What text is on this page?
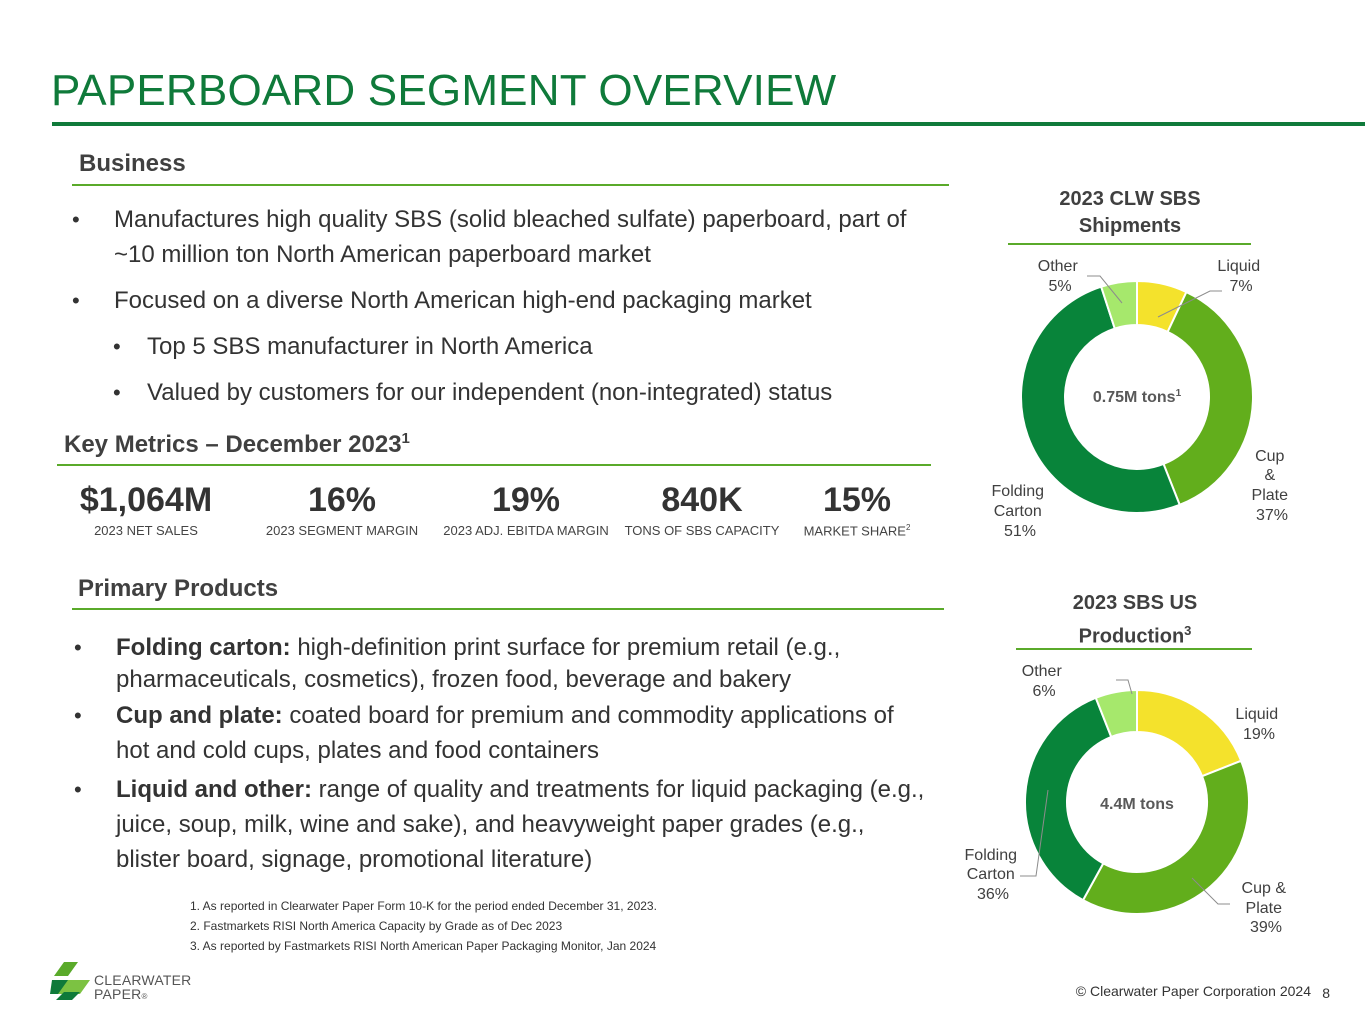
PAPERBOARD SEGMENT OVERVIEW
Business
• Manufactures high quality SBS (solid bleached sulfate) paperboard, part of ~10 million ton North American paperboard market
• Focused on a diverse North American high-end packaging market
• Top 5 SBS manufacturer in North America
• Valued by customers for our independent (non-integrated) status
Key Metrics – December 2023$^1$
$1,064M
2023 NET SALES
16%
2023 SEGMENT MARGIN
19%
2023 ADJ. EBITDA MARGIN
840K
TONS OF SBS CAPACITY
15%
MARKET SHARE$^2$
Primary Products
• Folding carton: high-definition print surface for premium retail (e.g., pharmaceuticals, cosmetics), frozen food, beverage and bakery
• Cup and plate: coated board for premium and commodity applications of hot and cold cups, plates and food containers
• Liquid and other: range of quality and treatments for liquid packaging (e.g., juice, soup, milk, wine and sake), and heavyweight paper grades (e.g., blister board, signage, promotional literature)
1. As reported in Clearwater Paper Form 10-K for the period ended December 31, 2023.
2. Fastmarkets RISI North America Capacity by Grade as of Dec 2023
3. As reported by Fastmarkets RISI North American Paper Packaging Monitor, Jan 2024
2023 CLW SBS
Shipments
0.75M tons$^1$
Liquid 7%
Cup & Plate 37%
Folding Carton 51%
Other 5%
2023 SBS US
Production$^3$
4.4M tons
Liquid 19%
Cup & Plate 39%
Folding Carton 36%
Other 6%
CLEARWATER
PAPER®	© Clearwater Paper Corporation 2024 8
